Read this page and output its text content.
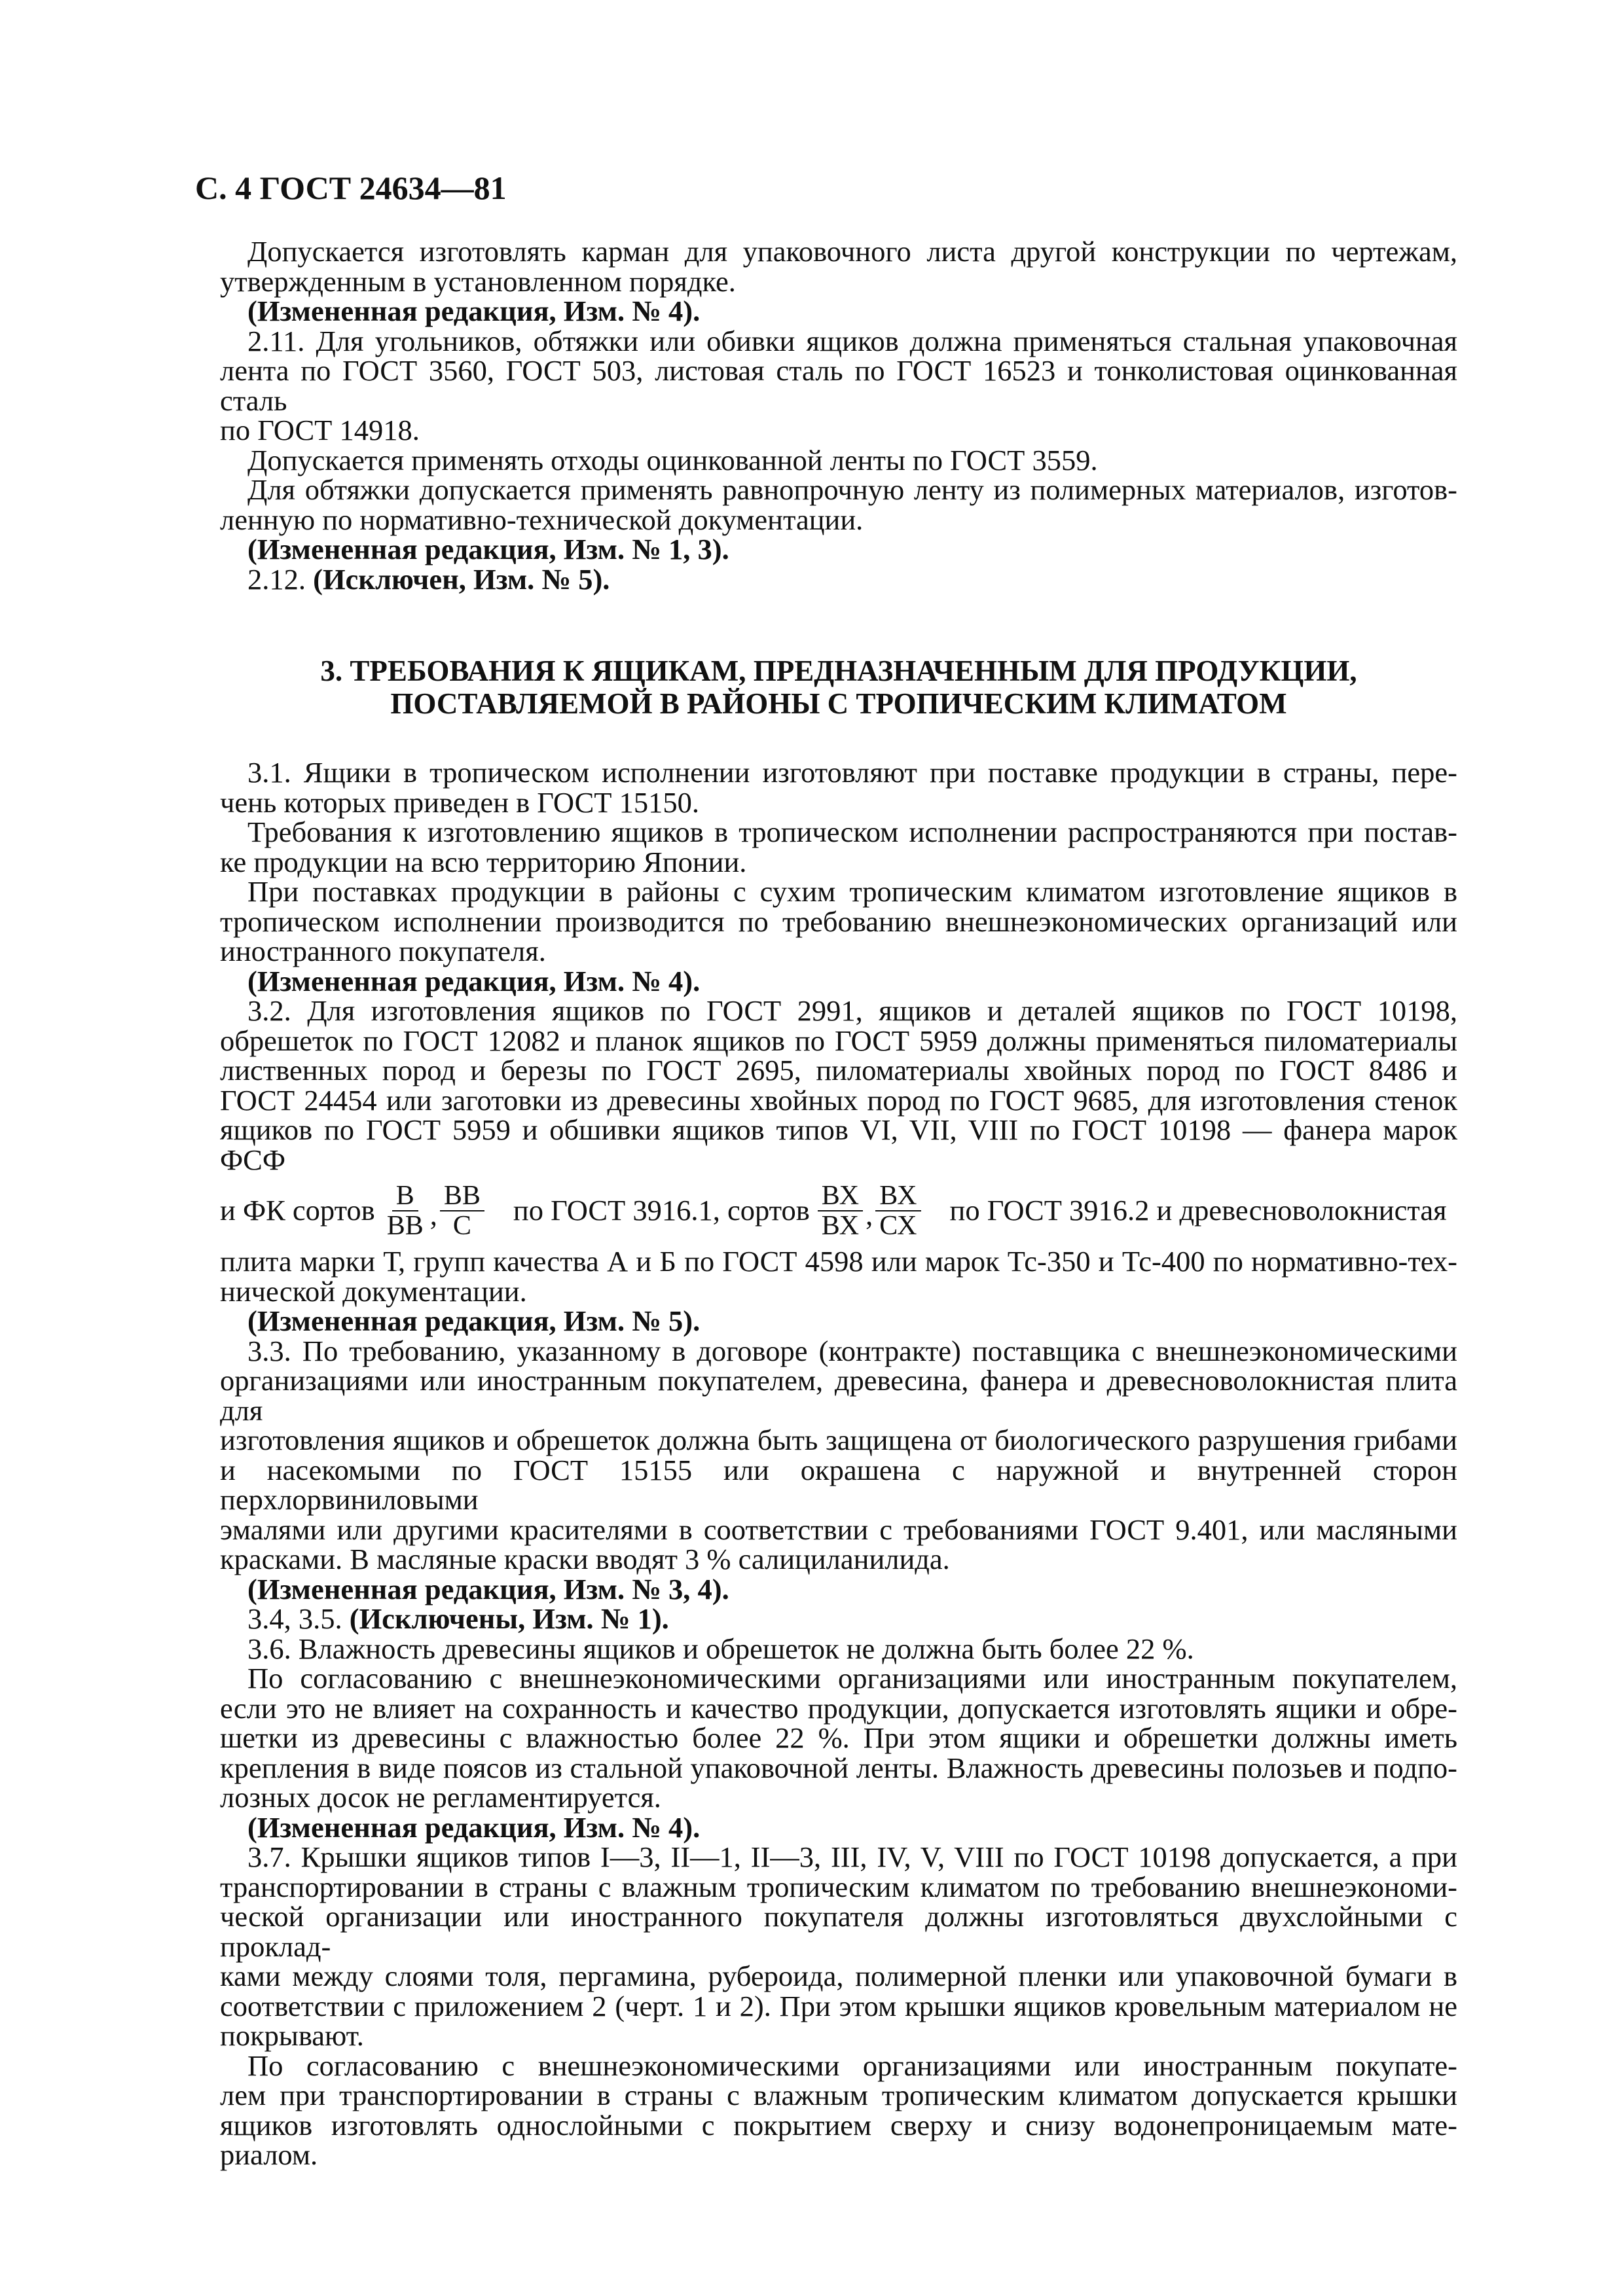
С. 4 ГОСТ 24634—81
Допускается изготовлять карман для упаковочного листа другой конструкции по чертежам,
утвержденным в установленном порядке.
(Измененная редакция, Изм. № 4).
2.11. Для угольников, обтяжки или обивки ящиков должна применяться стальная упаковочная
лента по ГОСТ 3560, ГОСТ 503, листовая сталь по ГОСТ 16523 и тонколистовая оцинкованная сталь
по ГОСТ 14918.
Допускается применять отходы оцинкованной ленты по ГОСТ 3559.
Для обтяжки допускается применять равнопрочную ленту из полимерных материалов, изготов-
ленную по нормативно-технической документации.
(Измененная редакция, Изм. № 1, 3).
2.12. (Исключен, Изм. № 5).
3. ТРЕБОВАНИЯ К ЯЩИКАМ, ПРЕДНАЗНАЧЕННЫМ ДЛЯ ПРОДУКЦИИ,
ПОСТАВЛЯЕМОЙ В РАЙОНЫ С ТРОПИЧЕСКИМ КЛИМАТОМ
3.1. Ящики в тропическом исполнении изготовляют при поставке продукции в страны, пере-
чень которых приведен в ГОСТ 15150.
Требования к изготовлению ящиков в тропическом исполнении распространяются при постав-
ке продукции на всю территорию Японии.
При поставках продукции в районы с сухим тропическим климатом изготовление ящиков в
тропическом исполнении производится по требованию внешнеэкономических организаций или
иностранного покупателя.
(Измененная редакция, Изм. № 4).
3.2. Для изготовления ящиков по ГОСТ 2991, ящиков и деталей ящиков по ГОСТ 10198,
обрешеток по ГОСТ 12082 и планок ящиков по ГОСТ 5959 должны применяться пиломатериалы
лиственных пород и березы по ГОСТ 2695, пиломатериалы хвойных пород по ГОСТ 8486 и
ГОСТ 24454 или заготовки из древесины хвойных пород по ГОСТ 9685, для изготовления стенок
ящиков по ГОСТ 5959 и обшивки ящиков типов VI, VII, VIII по ГОСТ 10198 — фанера марок ФСФ
и ФК сортов $\frac{В}{ВВ}$ , $\frac{ВВ}{С}$ по ГОСТ 3916.1, сортов $\frac{ВХ}{ВХ}$ , $\frac{ВХ}{СХ}$ по ГОСТ 3916.2 и древесноволокнистая
плита марки Т, групп качества А и Б по ГОСТ 4598 или марок Тс-350 и Тс-400 по нормативно-тех-
нической документации.
(Измененная редакция, Изм. № 5).
3.3. По требованию, указанному в договоре (контракте) поставщика с внешнеэкономическими
организациями или иностранным покупателем, древесина, фанера и древесноволокнистая плита для
изготовления ящиков и обрешеток должна быть защищена от биологического разрушения грибами
и насекомыми по ГОСТ 15155 или окрашена с наружной и внутренней сторон перхлорвиниловыми
эмалями или другими красителями в соответствии с требованиями ГОСТ 9.401, или масляными
красками. В масляные краски вводят 3 % салициланилида.
(Измененная редакция, Изм. № 3, 4).
3.4, 3.5. (Исключены, Изм. № 1).
3.6. Влажность древесины ящиков и обрешеток не должна быть более 22 %.
По согласованию с внешнеэкономическими организациями или иностранным покупателем,
если это не влияет на сохранность и качество продукции, допускается изготовлять ящики и обре-
шетки из древесины с влажностью более 22 %. При этом ящики и обрешетки должны иметь
крепления в виде поясов из стальной упаковочной ленты. Влажность древесины полозьев и подпо-
лозных досок не регламентируется.
(Измененная редакция, Изм. № 4).
3.7. Крышки ящиков типов I—3, II—1, II—3, III, IV, V, VIII по ГОСТ 10198 допускается, а при
транспортировании в страны с влажным тропическим климатом по требованию внешнеэкономи-
ческой организации или иностранного покупателя должны изготовляться двухслойными с проклад-
ками между слоями толя, пергамина, рубероида, полимерной пленки или упаковочной бумаги в
соответствии с приложением 2 (черт. 1 и 2). При этом крышки ящиков кровельным материалом не
покрывают.
По согласованию с внешнеэкономическими организациями или иностранным покупате-
лем при транспортировании в страны с влажным тропическим климатом допускается крышки
ящиков изготовлять однослойными с покрытием сверху и снизу водонепроницаемым мате-
риалом.
